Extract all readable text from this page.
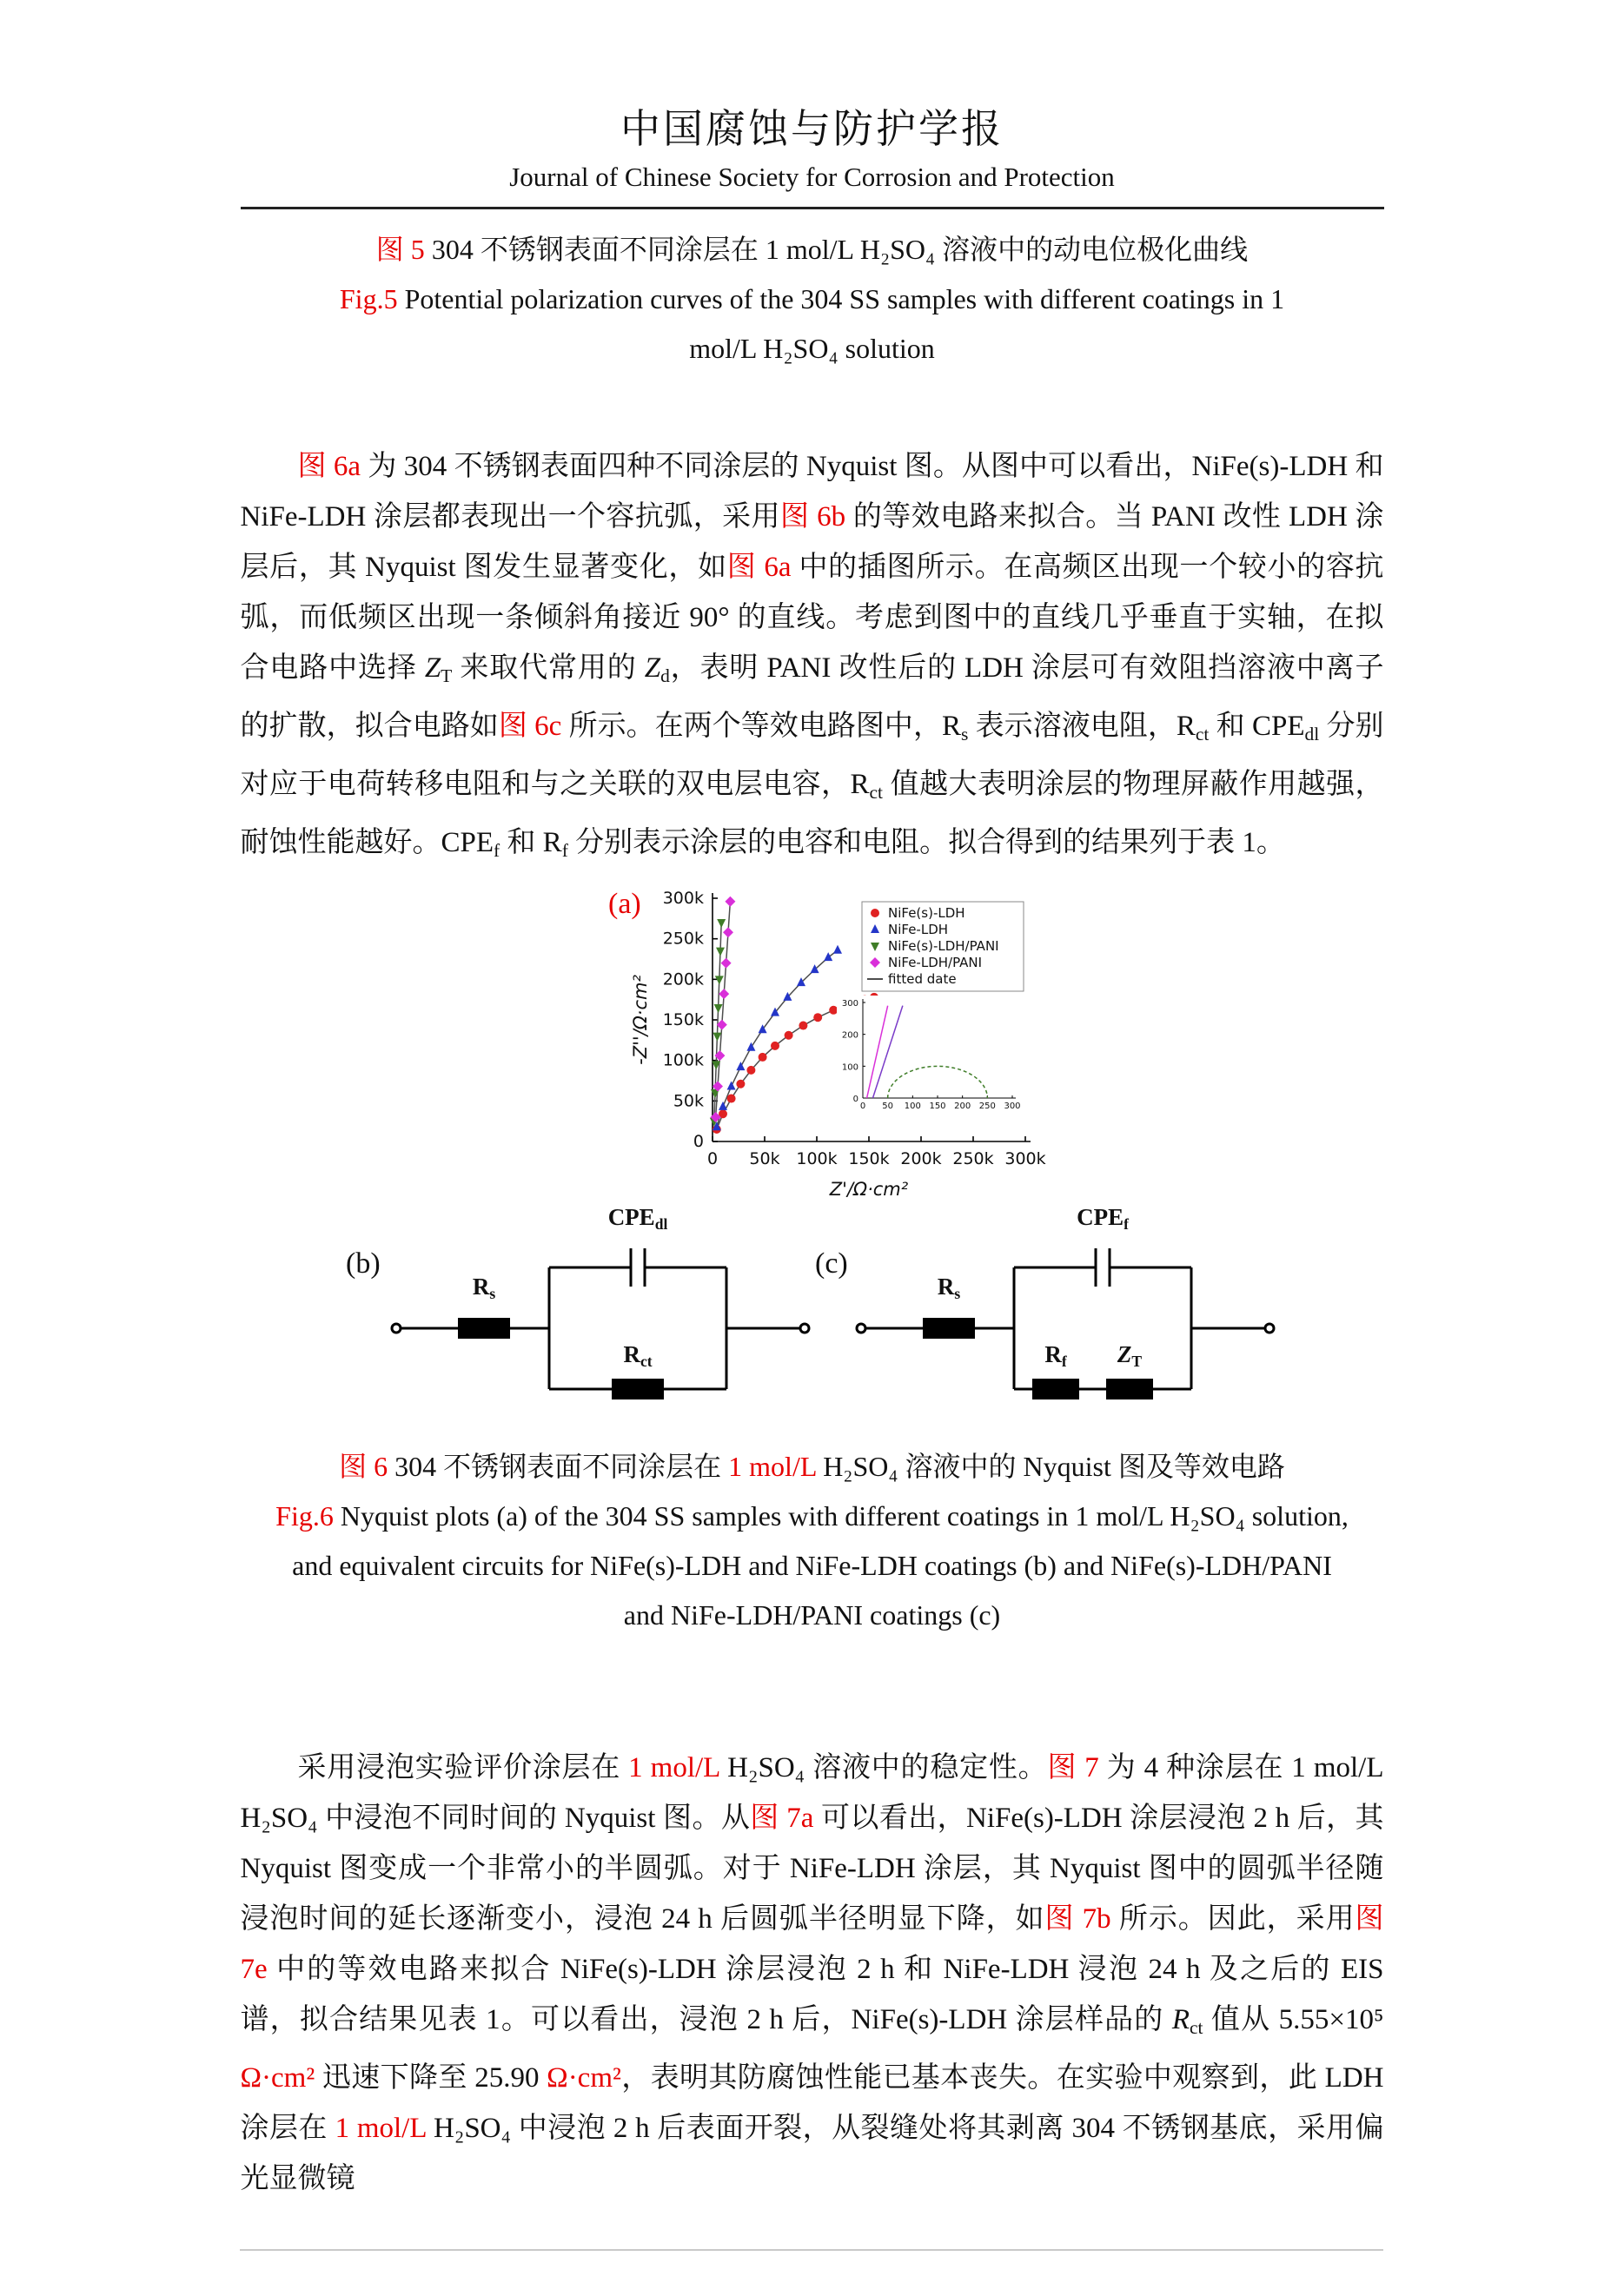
中国腐蚀与防护学报
Journal of Chinese Society for Corrosion and Protection
图 5 304 不锈钢表面不同涂层在 1 mol/L H₂SO₄ 溶液中的动电位极化曲线
Fig.5 Potential polarization curves of the 304 SS samples with different coatings in 1 mol/L H₂SO₄ solution

图 6a 为 304 不锈钢表面四种不同涂层的 Nyquist 图。从图中可以看出，NiFe(s)-LDH 和 NiFe-LDH 涂层都表现出一个容抗弧，采用图 6b 的等效电路来拟合。当 PANI 改性 LDH 涂层后，其 Nyquist 图发生显著变化，如图 6a 中的插图所示。在高频区出现一个较小的容抗弧，而低频区出现一条倾斜角接近 90° 的直线。考虑到图中的直线几乎垂直于实轴，在拟合电路中选择 $Z_T$ 来取代常用的 $Z_d$，表明 PANI 改性后的 LDH 涂层可有效阻挡溶液中离子的扩散，拟合电路如图 6c 所示。在两个等效电路图中，$R_s$ 表示溶液电阻，$R_{ct}$ 和 $CPE_{dl}$ 分别对应于电荷转移电阻和与之关联的双电层电容，$R_{ct}$ 值越大表明涂层的物理屏蔽作用越强，耐蚀性能越好。$CPE_f$ 和 $R_f$ 分别表示涂层的电容和电阻。拟合得到的结果列于表 1。

(a)
0 50k 100k 150k 200k 250k 300k
0
50k
100k
150k
200k
250k
300k
-Z''/Ω·cm²
Z'/Ω·cm²
NiFe(s)-LDH
NiFe-LDH
NiFe(s)-LDH/PANI
NiFe-LDH/PANI
fitted date
0 50 100 150 200 250 300
0
100
200
300
(b)	(c)
$R_s$
$CPE_{dl}$
$R_{ct}$
$R_s$
$CPE_f$
$R_f$ $Z_T$
图 6 304 不锈钢表面不同涂层在 1 mol/L H₂SO₄ 溶液中的 Nyquist 图及等效电路
Fig.6 Nyquist plots (a) of the 304 SS samples with different coatings in 1 mol/L H₂SO₄ solution, and equivalent circuits for NiFe(s)-LDH and NiFe-LDH coatings (b) and NiFe(s)-LDH/PANI and NiFe-LDH/PANI coatings (c)

采用浸泡实验评价涂层在 1 mol/L H₂SO₄ 溶液中的稳定性。图 7 为 4 种涂层在 1 mol/L H₂SO₄ 中浸泡不同时间的 Nyquist 图。从图 7a 可以看出，NiFe(s)-LDH 涂层浸泡 2 h 后，其 Nyquist 图变成一个非常小的半圆弧。对于 NiFe-LDH 涂层，其 Nyquist 图中的圆弧半径随浸泡时间的延长逐渐变小，浸泡 24 h 后圆弧半径明显下降，如图 7b 所示。因此，采用图 7e 中的等效电路来拟合 NiFe(s)-LDH 涂层浸泡 2 h 和 NiFe-LDH 浸泡 24 h 及之后的 EIS 谱，拟合结果见表 1。可以看出，浸泡 2 h 后，NiFe(s)-LDH 涂层样品的 $R_{ct}$ 值从 5.55×10⁵ Ω·cm² 迅速下降至 25.90 Ω·cm²，表明其防腐蚀性能已基本丧失。在实验中观察到，此 LDH 涂层在 1 mol/L H₂SO₄ 中浸泡 2 h 后表面开裂，从裂缝处将其剥离 304 不锈钢基底，采用偏光显微镜
